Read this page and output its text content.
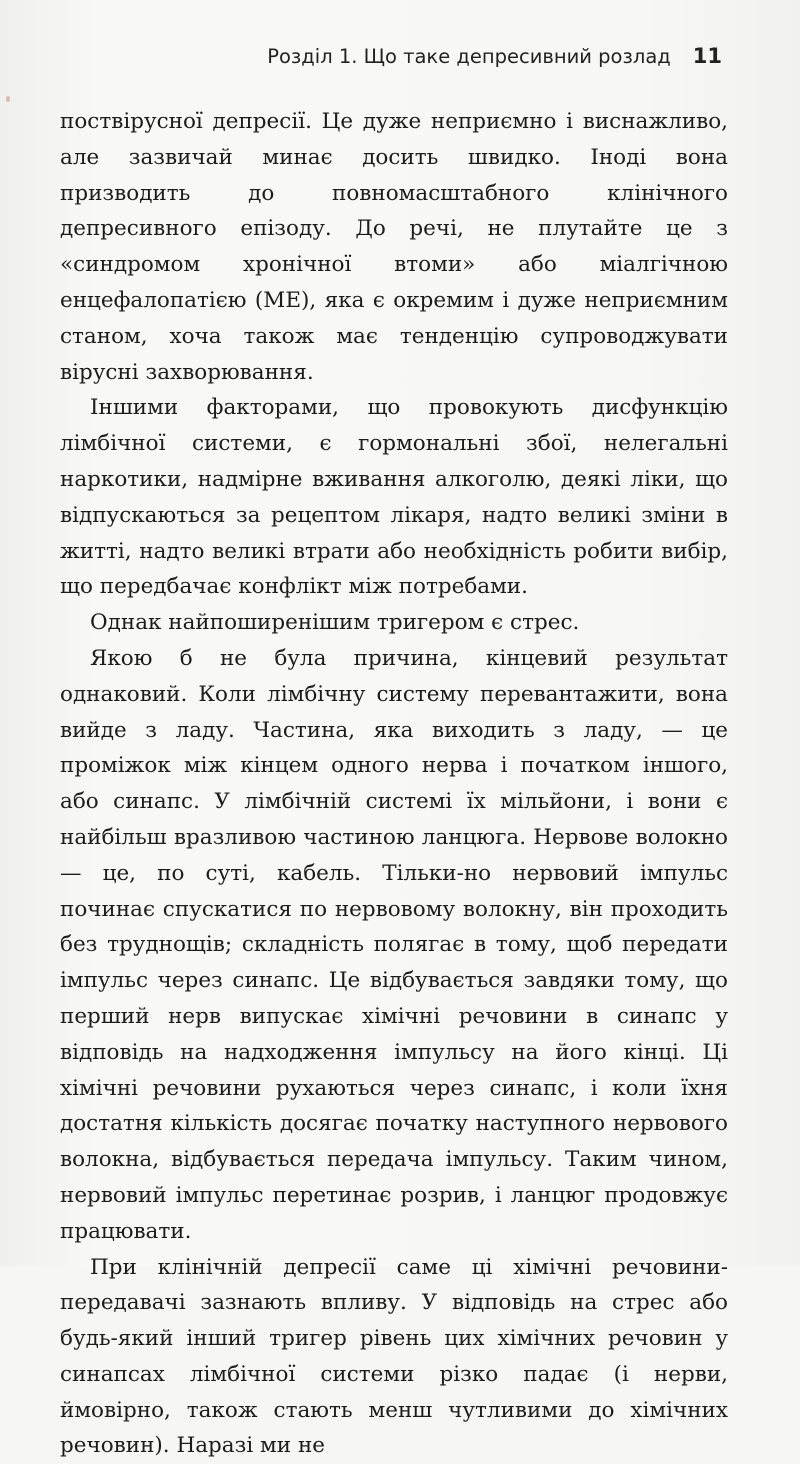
Розділ 1. Що таке депресивний розлад 11

поствірусної депресії. Це дуже неприємно і виснажливо, але зазвичай минає досить швидко. Іноді вона призводить до повномасштабного клінічного депресивного епізоду. До речі, не плутайте це з «синдромом хронічної втоми» або міалгічною енцефалопатією (МЕ), яка є окремим і дуже неприємним станом, хоча також має тенденцію супроводжувати вірусні захворювання.

Іншими факторами, що провокують дисфункцію лімбічної системи, є гормональні збої, нелегальні наркотики, надмірне вживання алкоголю, деякі ліки, що відпускаються за рецептом лікаря, надто великі зміни в житті, надто великі втрати або необхідність робити вибір, що передбачає конфлікт між потребами.

Однак найпоширенішим тригером є стрес.

Якою б не була причина, кінцевий результат однаковий. Коли лімбічну систему перевантажити, вона вийде з ладу. Частина, яка виходить з ладу, — це проміжок між кінцем одного нерва і початком іншого, або синапс. У лімбічній системі їх мільйони, і вони є найбільш вразливою частиною ланцюга. Нервове волокно — це, по суті, кабель. Тільки-но нервовий імпульс починає спускатися по нервовому волокну, він проходить без труднощів; складність полягає в тому, щоб передати імпульс через синапс. Це відбувається завдяки тому, що перший нерв випускає хімічні речовини в синапс у відповідь на надходження імпульсу на його кінці. Ці хімічні речовини рухаються через синапс, і коли їхня достатня кількість досягає початку наступного нервового волокна, відбувається передача імпульсу. Таким чином, нервовий імпульс перетинає розрив, і ланцюг продовжує працювати.

При клінічній депресії саме ці хімічні речовини-передавачі зазнають впливу. У відповідь на стрес або будь-який інший тригер рівень цих хімічних речовин у синапсах лімбічної системи різко падає (і нерви, ймовірно, також стають менш чутливими до хімічних речовин). Наразі ми не
